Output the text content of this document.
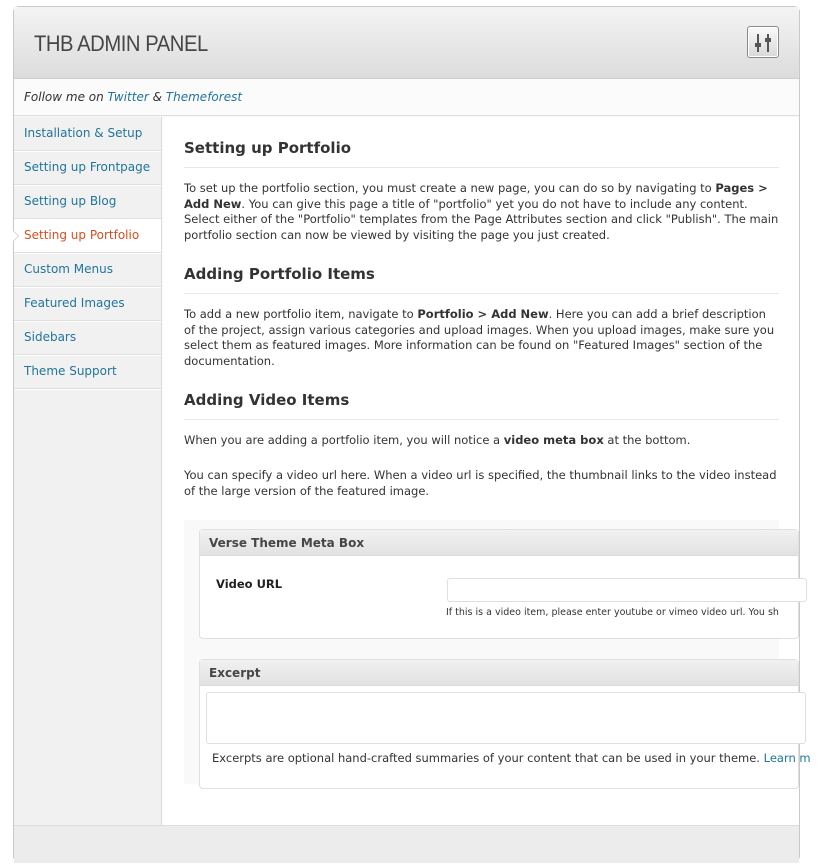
THB ADMIN PANEL
Follow me on Twitter & Themeforest
Installation & Setup
Setting up Frontpage
Setting up Blog
Setting up Portfolio
Custom Menus
Featured Images
Sidebars
Theme Support
Setting up Portfolio

To set up the portfolio section, you must create a new page, you can do so by navigating to Pages > Add New. You can give this page a title of "portfolio" yet you do not have to include any content. Select either of the "Portfolio" templates from the Page Attributes section and click "Publish". The main portfolio section can now be viewed by visiting the page you just created.

Adding Portfolio Items

To add a new portfolio item, navigate to Portfolio > Add New. Here you can add a brief description of the project, assign various categories and upload images. When you upload images, make sure you select them as featured images. More information can be found on "Featured Images" section of the documentation.

Adding Video Items

When you are adding a portfolio item, you will notice a video meta box at the bottom.

You can specify a video url here. When a video url is specified, the thumbnail links to the video instead of the large version of the featured image.

Verse Theme Meta Box
Video URL
If this is a video item, please enter youtube or vimeo video url. You sh
Excerpt
Excerpts are optional hand-crafted summaries of your content that can be used in your theme. Learn m
